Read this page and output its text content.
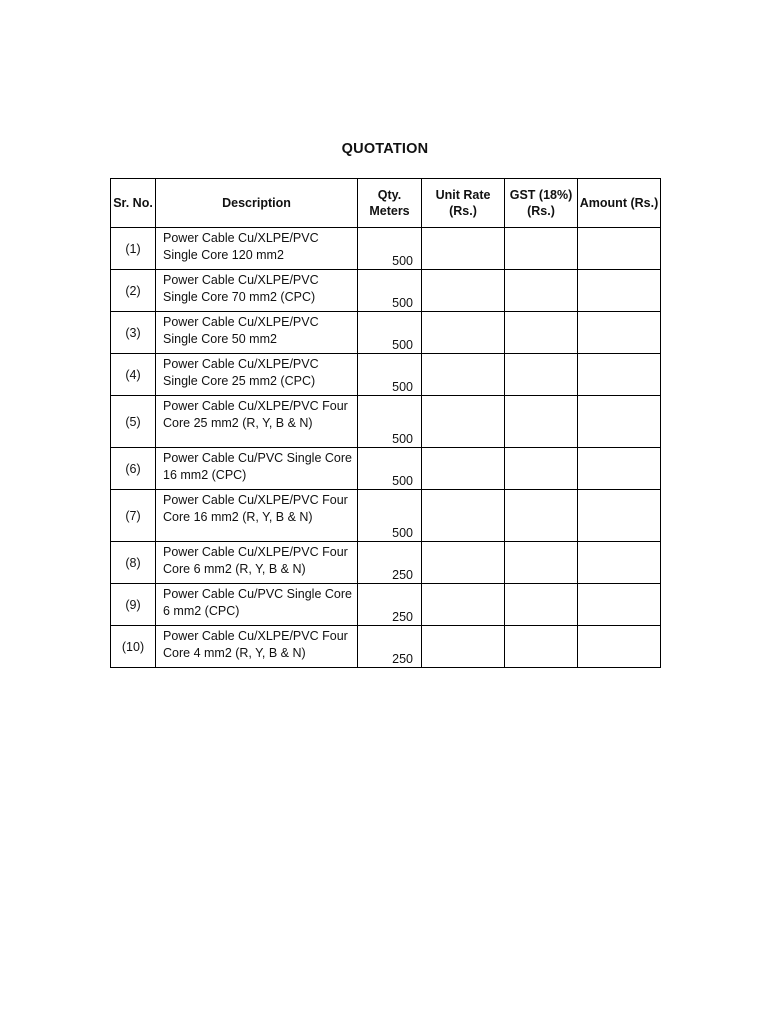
QUOTATION
Sr. No.	Description	Qty. Meters	Unit Rate (Rs.)	GST (18%) (Rs.)	Amount (Rs.)

(1)	Power Cable Cu/XLPE/PVC Single Core 120 mm2	500			
(2)	Power Cable Cu/XLPE/PVC Single Core 70 mm2 (CPC)	500			
(3)	Power Cable Cu/XLPE/PVC Single Core 50 mm2	500			
(4)	Power Cable Cu/XLPE/PVC Single Core 25 mm2 (CPC)	500			
(5)	Power Cable Cu/XLPE/PVC Four Core 25 mm2 (R, Y, B & N)	500			
(6)	Power Cable Cu/PVC Single Core 16 mm2 (CPC)	500			
(7)	Power Cable Cu/XLPE/PVC Four Core 16 mm2 (R, Y, B & N)	500			
(8)	Power Cable Cu/XLPE/PVC Four Core 6 mm2 (R, Y, B & N)	250			
(9)	Power Cable Cu/PVC Single Core 6 mm2 (CPC)	250			
(10)	Power Cable Cu/XLPE/PVC Four Core 4 mm2 (R, Y, B & N)	250			
